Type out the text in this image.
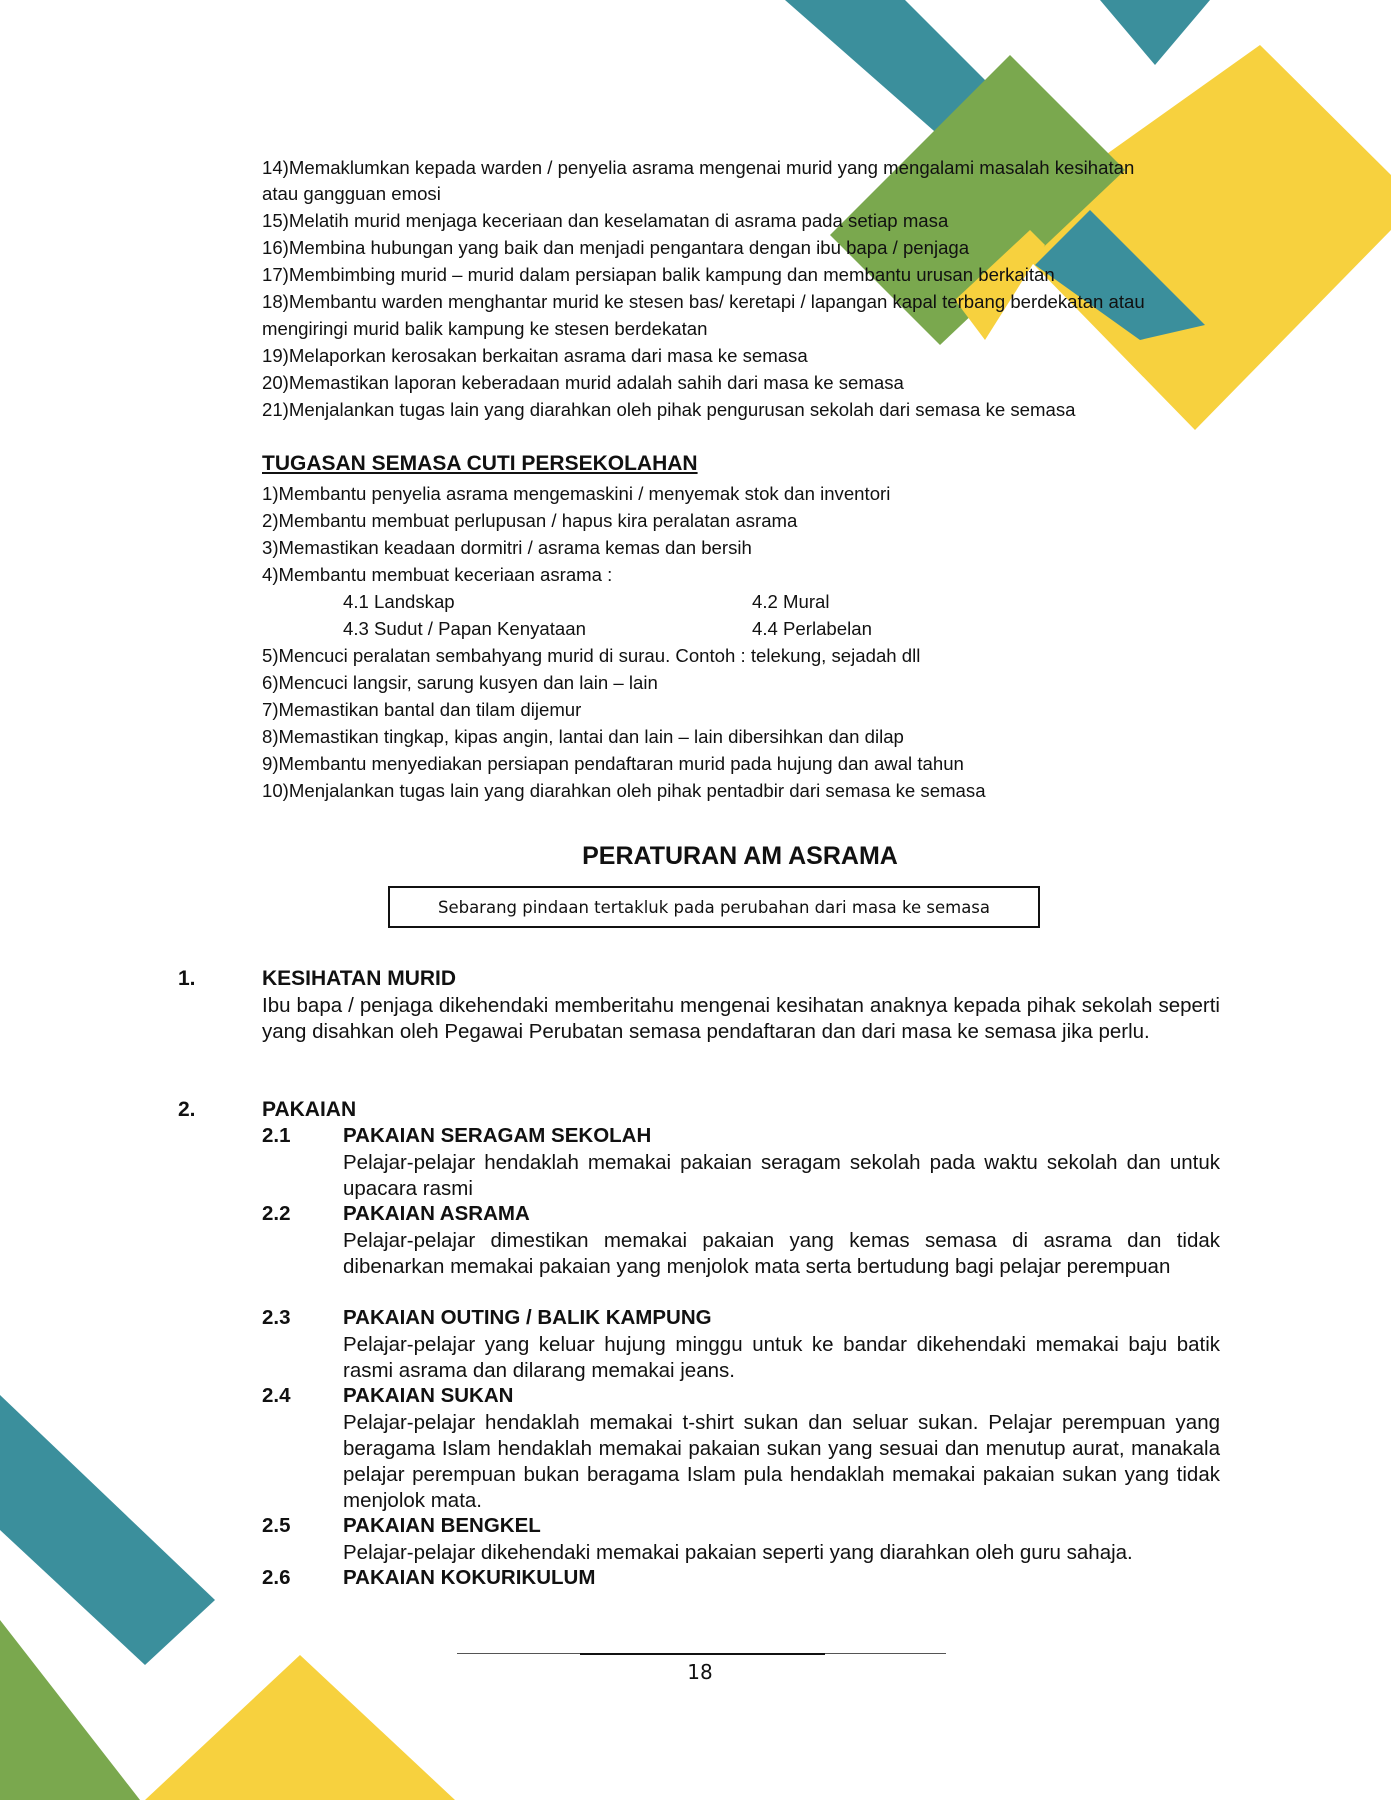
14)Memaklumkan kepada warden / penyelia asrama mengenai murid yang mengalami masalah kesihatan
atau gangguan emosi
15)Melatih murid menjaga keceriaan dan keselamatan di asrama pada setiap masa
16)Membina hubungan yang baik dan menjadi pengantara dengan ibu bapa / penjaga
17)Membimbing murid – murid dalam persiapan balik kampung dan membantu urusan berkaitan
18)Membantu warden menghantar murid ke stesen bas/ keretapi / lapangan kapal terbang berdekatan atau
mengiringi murid balik kampung ke stesen berdekatan
19)Melaporkan kerosakan berkaitan asrama dari masa ke semasa
20)Memastikan laporan keberadaan murid adalah sahih dari masa ke semasa
21)Menjalankan tugas lain yang diarahkan oleh pihak pengurusan sekolah dari semasa ke semasa
TUGASAN SEMASA CUTI PERSEKOLAHAN
1)Membantu penyelia asrama mengemaskini / menyemak stok dan inventori
2)Membantu membuat perlupusan / hapus kira peralatan asrama
3)Memastikan keadaan dormitri / asrama kemas dan bersih
4)Membantu membuat keceriaan asrama :
4.1 Landskap	4.2 Mural
4.3 Sudut / Papan Kenyataan	4.4 Perlabelan
5)Mencuci peralatan sembahyang murid di surau. Contoh : telekung, sejadah dll
6)Mencuci langsir, sarung kusyen dan lain – lain
7)Memastikan bantal dan tilam dijemur
8)Memastikan tingkap, kipas angin, lantai dan lain – lain dibersihkan dan dilap
9)Membantu menyediakan persiapan pendaftaran murid pada hujung dan awal tahun
10)Menjalankan tugas lain yang diarahkan oleh pihak pentadbir dari semasa ke semasa
PERATURAN AM ASRAMA
Sebarang pindaan tertakluk pada perubahan dari masa ke semasa
1.	KESIHATAN MURID
Ibu bapa / penjaga dikehendaki memberitahu mengenai kesihatan anaknya kepada pihak sekolah seperti yang disahkan oleh Pegawai Perubatan semasa pendaftaran dan dari masa ke semasa jika perlu.
2.	PAKAIAN
2.1	PAKAIAN SERAGAM SEKOLAH
Pelajar-pelajar hendaklah memakai pakaian seragam sekolah pada waktu sekolah dan untuk upacara rasmi
2.2	PAKAIAN ASRAMA
Pelajar-pelajar dimestikan memakai pakaian yang kemas semasa di asrama dan tidak dibenarkan memakai pakaian yang menjolok mata serta bertudung bagi pelajar perempuan
2.3	PAKAIAN OUTING / BALIK KAMPUNG
Pelajar-pelajar yang keluar hujung minggu untuk ke bandar dikehendaki memakai baju batik rasmi asrama dan dilarang memakai jeans.
2.4	PAKAIAN SUKAN
Pelajar-pelajar hendaklah memakai t-shirt sukan dan seluar sukan. Pelajar perempuan yang beragama Islam hendaklah memakai pakaian sukan yang sesuai dan menutup aurat, manakala pelajar perempuan bukan beragama Islam pula hendaklah memakai pakaian sukan yang tidak menjolok mata.
2.5	PAKAIAN BENGKEL
Pelajar-pelajar dikehendaki memakai pakaian seperti yang diarahkan oleh guru sahaja.
2.6	PAKAIAN KOKURIKULUM
18
